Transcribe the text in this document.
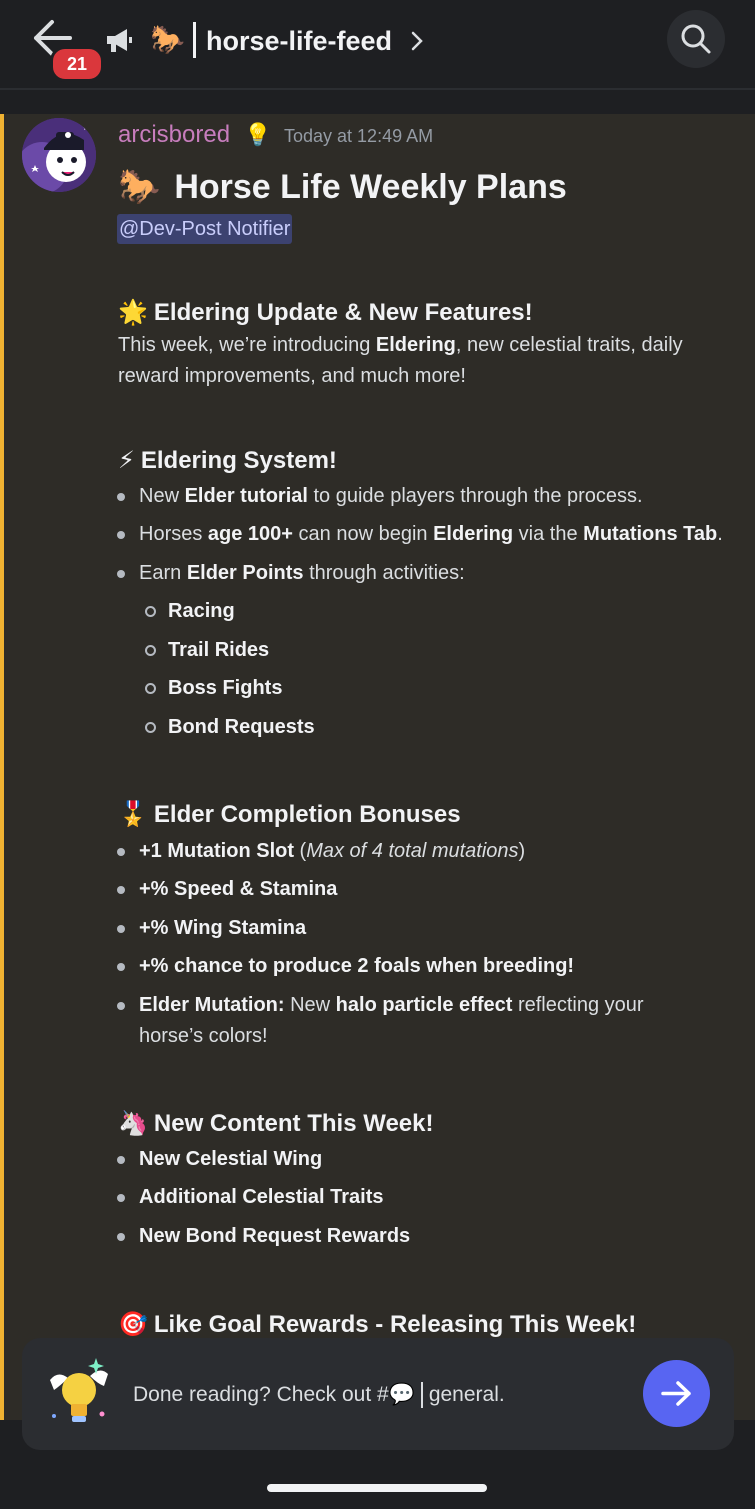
21
🐎 horse-life-feed
arcisbored 💡 Today at 12:49 AM
🐎 Horse Life Weekly Plans
@Dev-Post Notifier
🌟 Eldering Update & New Features!
This week, we’re introducing Eldering, new celestial traits, daily reward improvements, and much more!
⚡ Eldering System!
New Elder tutorial to guide players through the process.
Horses age 100+ can now begin Eldering via the Mutations Tab.
Earn Elder Points through activities:
Racing
Trail Rides
Boss Fights
Bond Requests
🎖️ Elder Completion Bonuses
+1 Mutation Slot (Max of 4 total mutations)
+% Speed & Stamina
+% Wing Stamina
+% chance to produce 2 foals when breeding!
Elder Mutation: New halo particle effect reflecting your horse’s colors!
🦄 New Content This Week!
New Celestial Wing
Additional Celestial Traits
New Bond Request Rewards
🎯 Like Goal Rewards - Releasing This Week!
Done reading? Check out #💬 general.
